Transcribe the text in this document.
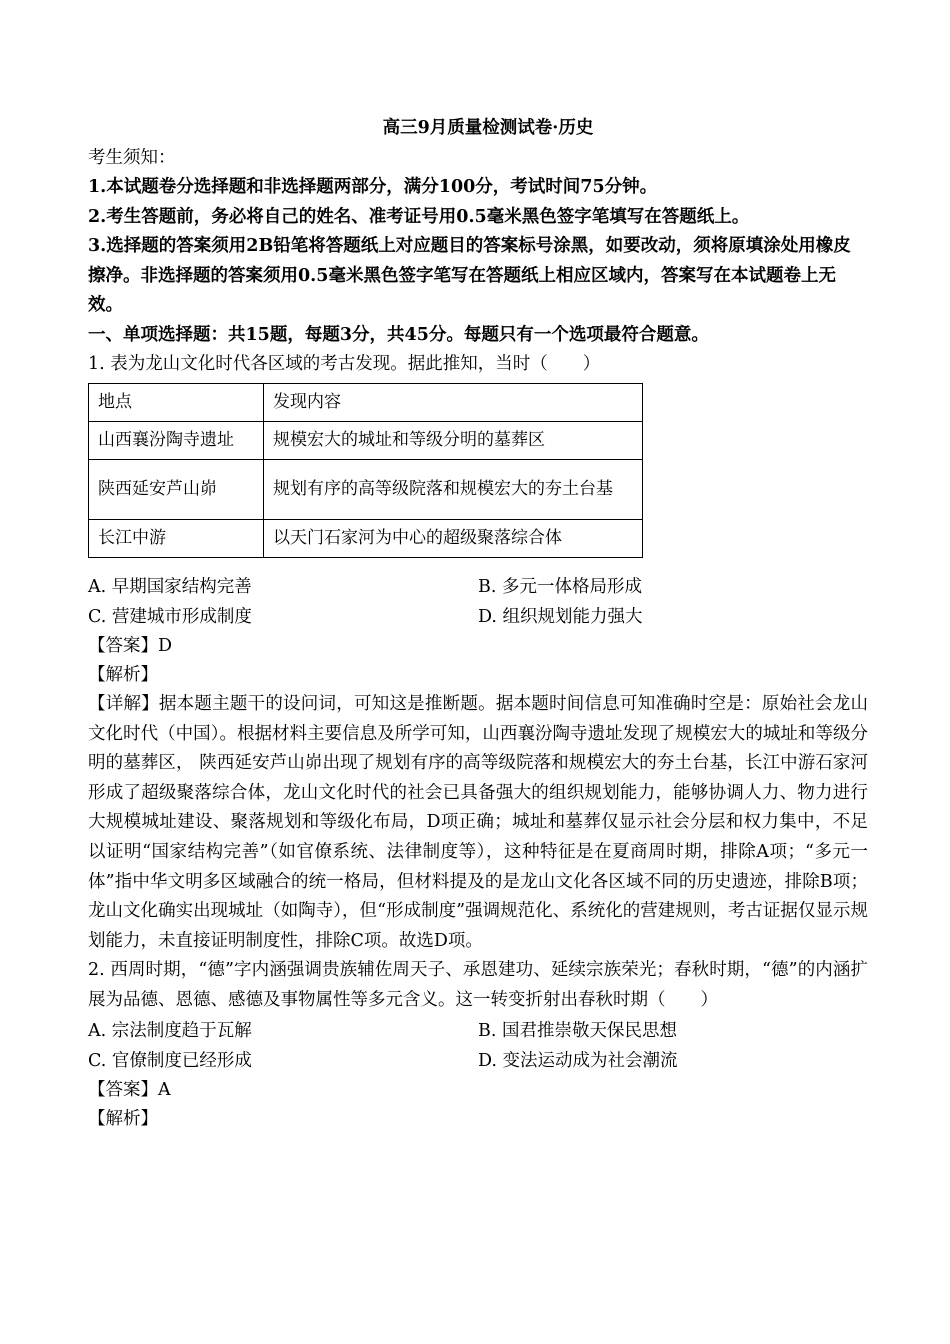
高三9月质量检测试卷·历史
考生须知：
1.本试题卷分选择题和非选择题两部分，满分100分，考试时间75分钟。
2.考生答题前，务必将自己的姓名、准考证号用0.5毫米黑色签字笔填写在答题纸上。
3.选择题的答案须用2B铅笔将答题纸上对应题目的答案标号涂黑，如要改动，须将原填涂处用橡皮擦净。非选择题的答案须用0.5毫米黑色签字笔写在答题纸上相应区域内，答案写在本试题卷上无效。
一、单项选择题：共15题，每题3分，共45分。每题只有一个选项最符合题意。
1. 表为龙山文化时代各区域的考古发现。据此推知，当时（　　）
地点	发现内容
山西襄汾陶寺遗址	规模宏大的城址和等级分明的墓葬区
陕西延安芦山峁	规划有序的高等级院落和规模宏大的夯土台基
长江中游	以天门石家河为中心的超级聚落综合体
A. 早期国家结构完善	B. 多元一体格局形成
C. 营建城市形成制度	D. 组织规划能力强大
【答案】D
【解析】
【详解】据本题主题干的设问词，可知这是推断题。据本题时间信息可知准确时空是：原始社会龙山文化时代（中国）。根据材料主要信息及所学可知，山西襄汾陶寺遗址发现了规模宏大的城址和等级分明的墓葬区， 陕西延安芦山峁出现了规划有序的高等级院落和规模宏大的夯土台基，长江中游石家河形成了超级聚落综合体，龙山文化时代的社会已具备强大的组织规划能力，能够协调人力、物力进行大规模城址建设、聚落规划和等级化布局，D项正确；城址和墓葬仅显示社会分层和权力集中，不足以证明“国家结构完善”（如官僚系统、法律制度等），这种特征是在夏商周时期，排除A项；“多元一体”指中华文明多区域融合的统一格局，但材料提及的是龙山文化各区域不同的历史遗迹，排除B项；龙山文化确实出现城址（如陶寺），但“形成制度”强调规范化、系统化的营建规则，考古证据仅显示规划能力，未直接证明制度性，排除C项。故选D项。
2. 西周时期，“德”字内涵强调贵族辅佐周天子、承恩建功、延续宗族荣光；春秋时期，“德”的内涵扩展为品德、恩德、感德及事物属性等多元含义。这一转变折射出春秋时期（　　）
A. 宗法制度趋于瓦解	B. 国君推崇敬天保民思想
C. 官僚制度已经形成	D. 变法运动成为社会潮流
【答案】A
【解析】
